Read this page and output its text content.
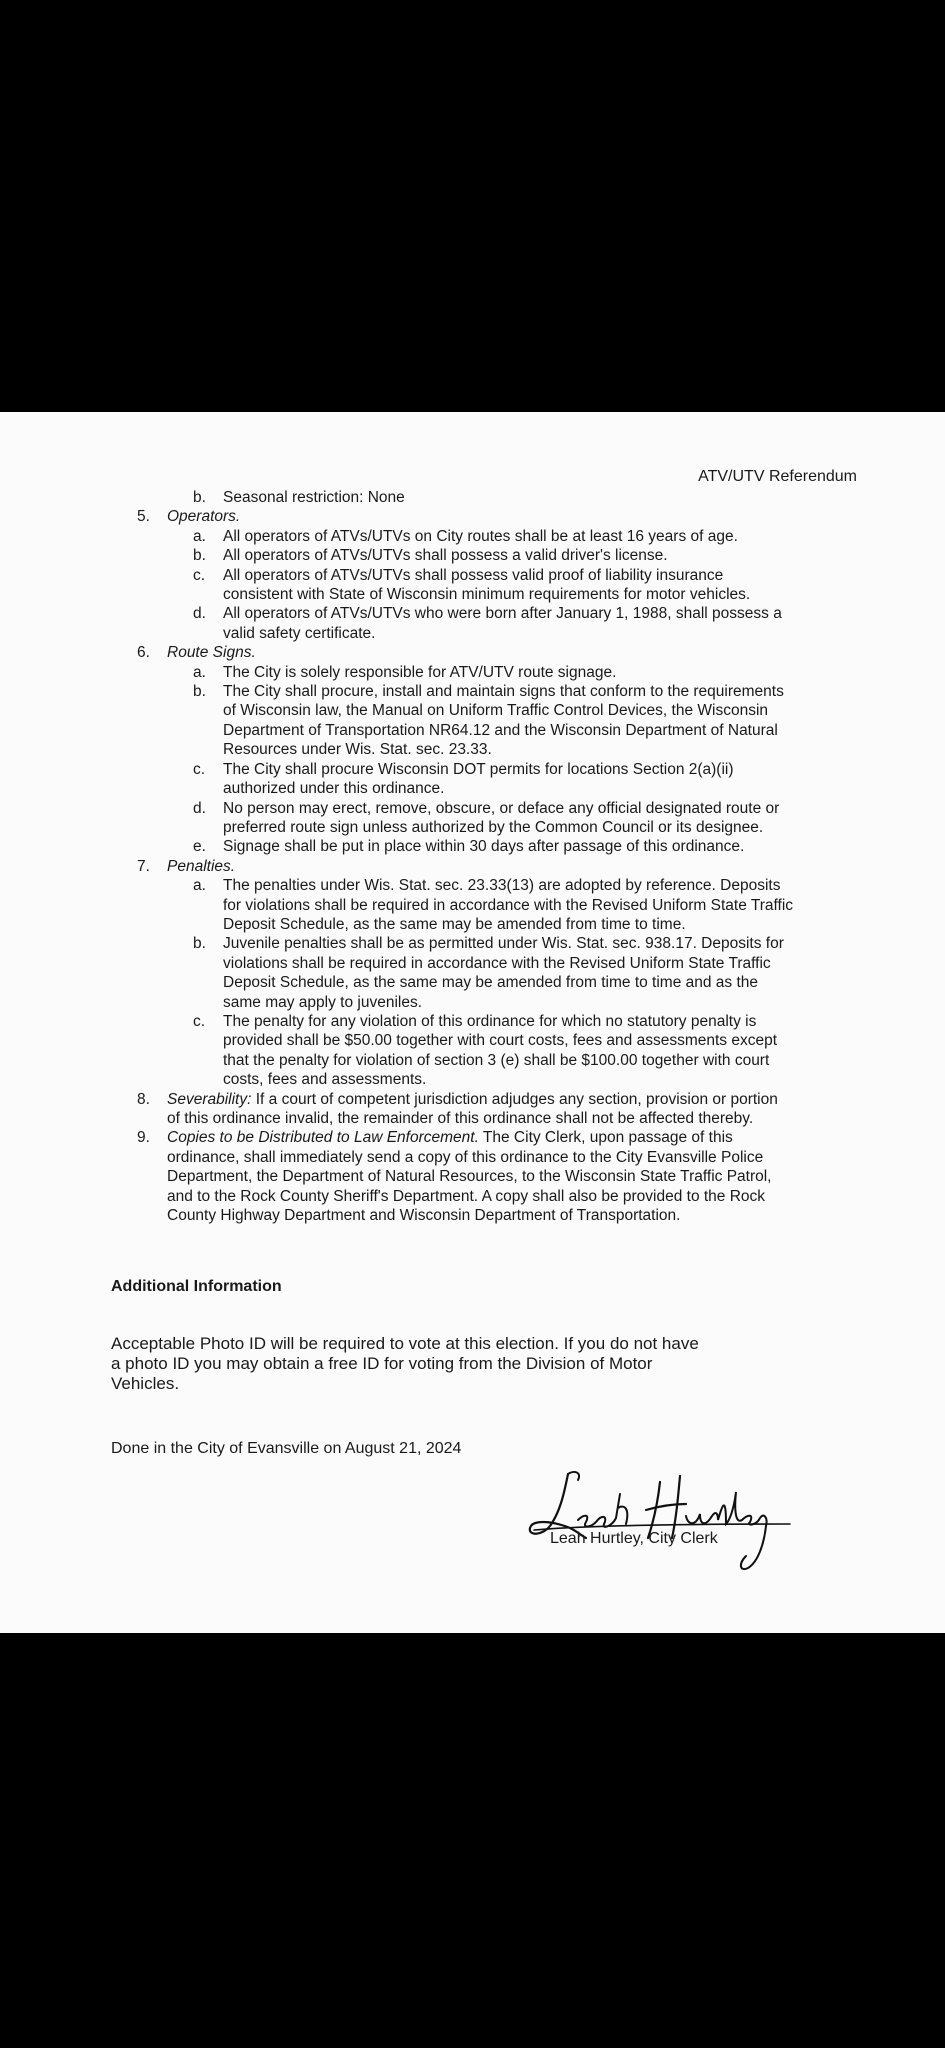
ATV/UTV Referendum
b. Seasonal restriction: None
5. Operators.
a. All operators of ATVs/UTVs on City routes shall be at least 16 years of age.
b. All operators of ATVs/UTVs shall possess a valid driver's license.
c. All operators of ATVs/UTVs shall possess valid proof of liability insurance
consistent with State of Wisconsin minimum requirements for motor vehicles.
d. All operators of ATVs/UTVs who were born after January 1, 1988, shall possess a
valid safety certificate.
6. Route Signs.
a. The City is solely responsible for ATV/UTV route signage.
b. The City shall procure, install and maintain signs that conform to the requirements
of Wisconsin law, the Manual on Uniform Traffic Control Devices, the Wisconsin
Department of Transportation NR64.12 and the Wisconsin Department of Natural
Resources under Wis. Stat. sec. 23.33.
c. The City shall procure Wisconsin DOT permits for locations Section 2(a)(ii)
authorized under this ordinance.
d. No person may erect, remove, obscure, or deface any official designated route or
preferred route sign unless authorized by the Common Council or its designee.
e. Signage shall be put in place within 30 days after passage of this ordinance.
7. Penalties.
a. The penalties under Wis. Stat. sec. 23.33(13) are adopted by reference. Deposits
for violations shall be required in accordance with the Revised Uniform State Traffic
Deposit Schedule, as the same may be amended from time to time.
b. Juvenile penalties shall be as permitted under Wis. Stat. sec. 938.17. Deposits for
violations shall be required in accordance with the Revised Uniform State Traffic
Deposit Schedule, as the same may be amended from time to time and as the
same may apply to juveniles.
c. The penalty for any violation of this ordinance for which no statutory penalty is
provided shall be $50.00 together with court costs, fees and assessments except
that the penalty for violation of section 3 (e) shall be $100.00 together with court
costs, fees and assessments.
8. Severability: If a court of competent jurisdiction adjudges any section, provision or portion
of this ordinance invalid, the remainder of this ordinance shall not be affected thereby.
9. Copies to be Distributed to Law Enforcement. The City Clerk, upon passage of this
ordinance, shall immediately send a copy of this ordinance to the City Evansville Police
Department, the Department of Natural Resources, to the Wisconsin State Traffic Patrol,
and to the Rock County Sheriff's Department. A copy shall also be provided to the Rock
County Highway Department and Wisconsin Department of Transportation.
Additional Information
Acceptable Photo ID will be required to vote at this election. If you do not have
a photo ID you may obtain a free ID for voting from the Division of Motor
Vehicles.
Done in the City of Evansville on August 21, 2024
Leah Hurtley, City Clerk
